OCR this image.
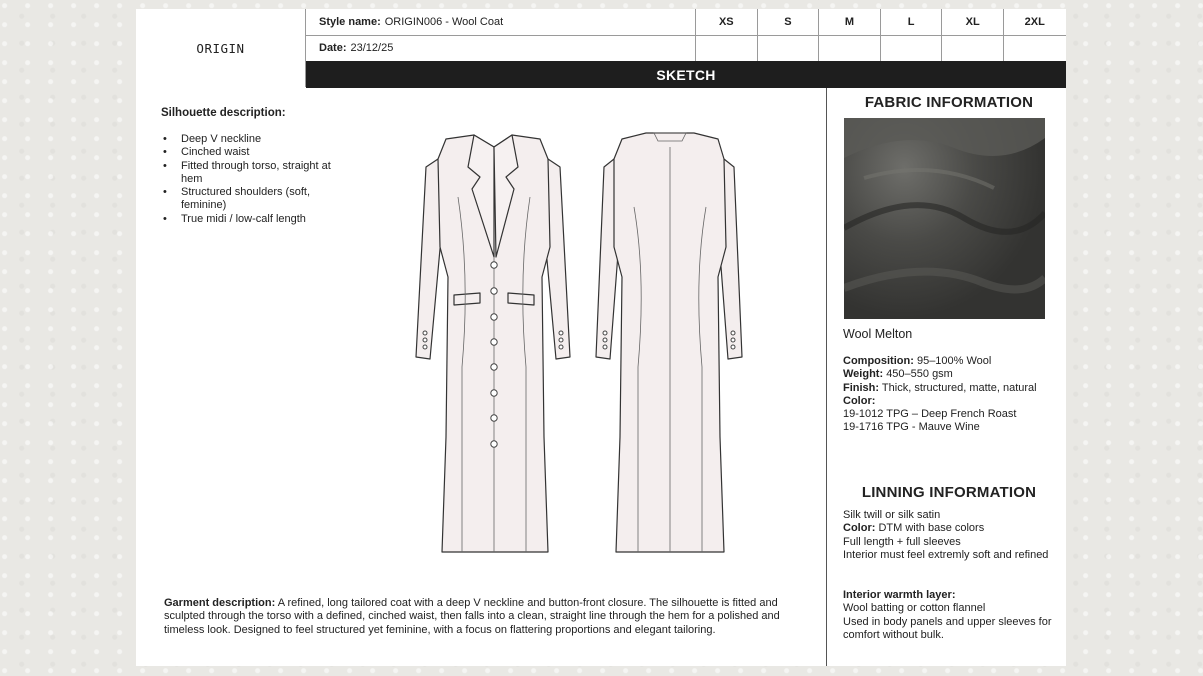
ORIGIN
Style name: ORIGIN006 - Wool Coat	XS	S	M	L	XL	2XL
Date: 23/12/25
SKETCH
Silhouette description:
• Deep V neckline
• Cinched waist
• Fitted through torso, straight at hem
• Structured shoulders (soft, feminine)
• True midi / low-calf length
Garment description: A refined, long tailored coat with a deep V neckline and button-front closure. The silhouette is fitted and sculpted through the torso with a defined, cinched waist, then falls into a clean, straight line through the hem for a polished and timeless look. Designed to feel structured yet feminine, with a focus on flattering proportions and elegant tailoring.
FABRIC INFORMATION
Wool Melton
Composition: 95–100% Wool
Weight: 450–550 gsm
Finish: Thick, structured, matte, natural
Color:
19-1012 TPG – Deep French Roast
19-1716 TPG - Mauve Wine
LINNING INFORMATION
Silk twill or silk satin
Color: DTM with base colors
Full length + full sleeves
Interior must feel extremly soft and refined
Interior warmth layer:
Wool batting or cotton flannel
Used in body panels and upper sleeves for comfort without bulk.
